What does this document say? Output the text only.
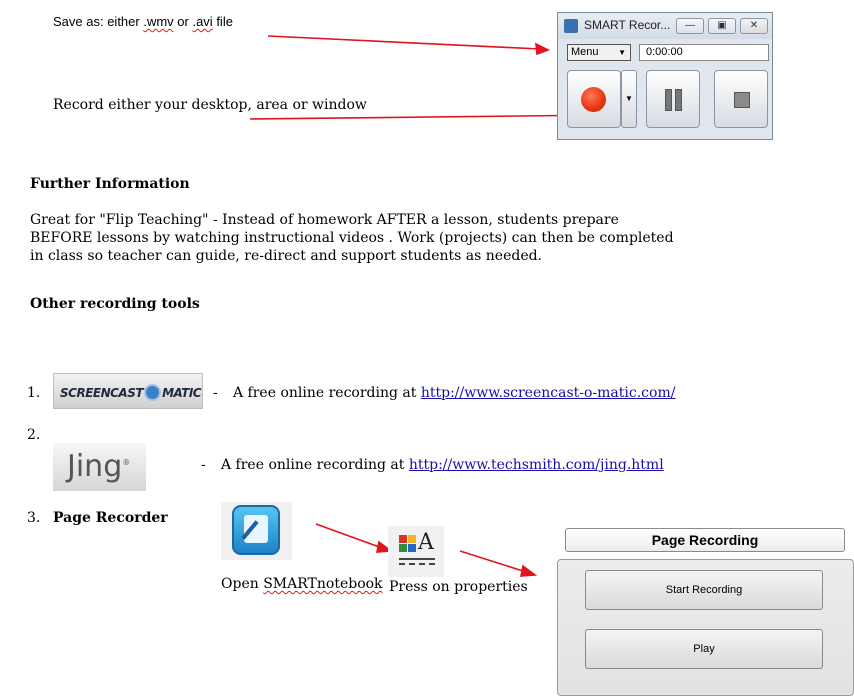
Save as: either .wmv or .avi file
Record either your desktop, area or window
SMART Recor...	—	▣	✕
Menu ▼	0:00:00
▼
Further Information
Great for "Flip Teaching" - Instead of homework AFTER a lesson, students prepare
BEFORE lessons by watching instructional videos . Work (projects) can then be completed
in class so teacher can guide, re-direct and support students as needed.
Other recording tools
1. SCREENCAST MATIC - A free online recording at http://www.screencast-o-matic.com/
2.
Jing®	- A free online recording at http://www.techsmith.com/jing.html
3. Page Recorder
Open SMARTnotebook
A
Press on properties
Page Recording
Start Recording
Play
